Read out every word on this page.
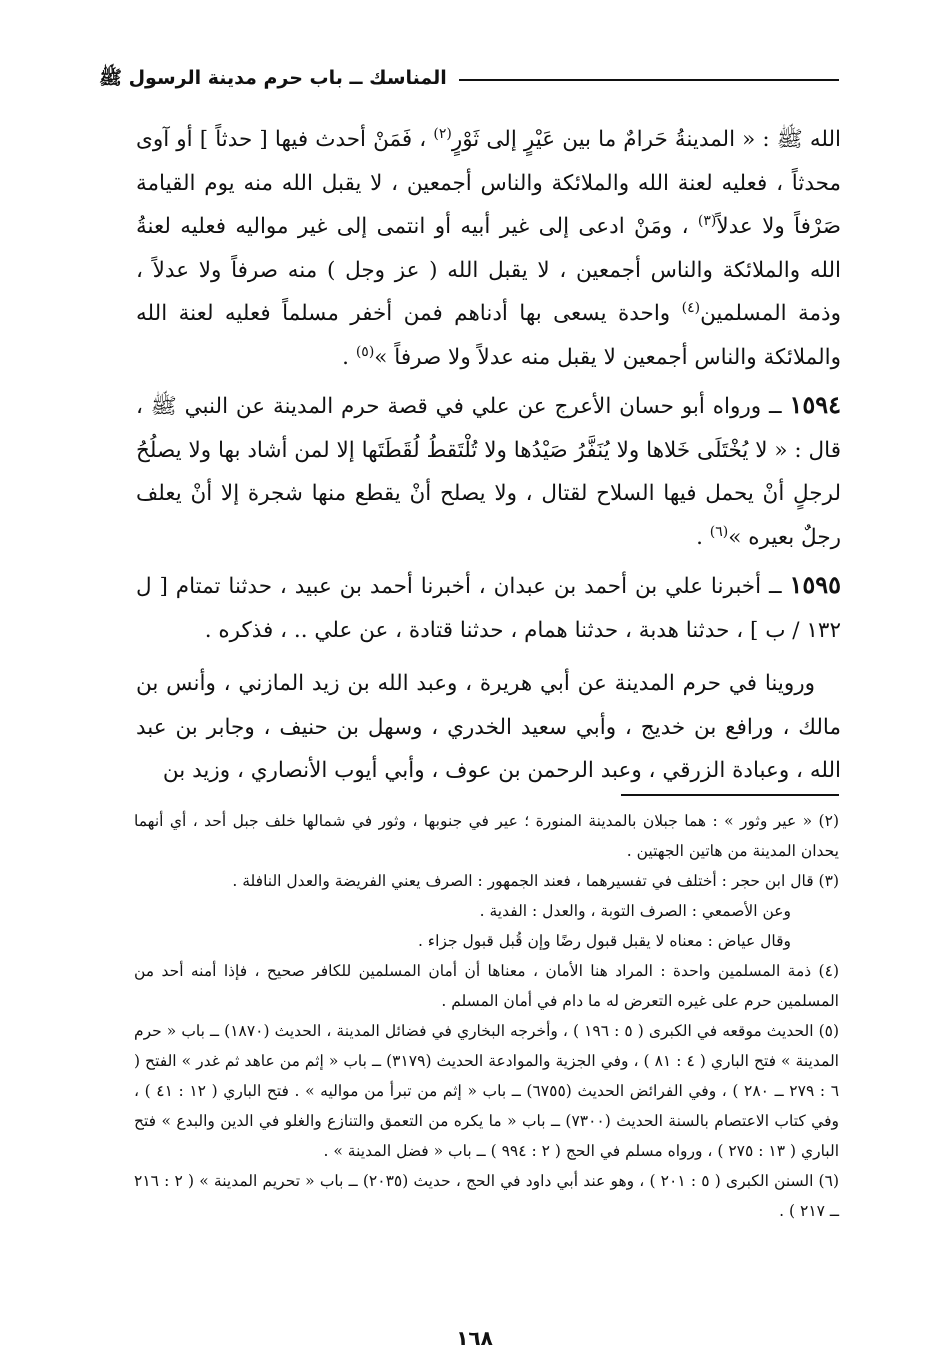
المناسك ــ باب حرم مدينة الرسول ﷺ

الله ﷺ : « المدينةُ حَرامٌ ما بين عَيْرٍ إلى ثَوْرٍ$^{(٢)}$ ، فَمَنْ أحدث فيها [ حدثاً ] أو آوى محدثاً ، فعليه لعنة الله والملائكة والناس أجمعين ، لا يقبل الله منه يوم القيامة صَرْفاً ولا عدلاً$^{(٣)}$ ، ومَنْ ادعى إلى غير أبيه أو انتمى إلى غير مواليه فعليه لعنةُ الله والملائكة والناس أجمعين ، لا يقبل الله ( عز وجل ) منه صرفاً ولا عدلاً ، وذمة المسلمين$^{(٤)}$ واحدة يسعى بها أدناهم فمن أخفر مسلماً فعليه لعنة الله والملائكة والناس أجمعين لا يقبل منه عدلاً ولا صرفاً »$^{(٥)}$ .

١٥٩٤ ــ ورواه أبو حسان الأعرج عن علي في قصة حرم المدينة عن النبي ﷺ ، قال : « لا يُخْتَلَى خَلاها ولا يُنَفَّرُ صَيْدُها ولا تُلْتَقطُ لُقَطَتَها إلا لمن أشاد بها ولا يصلُحُ لرجلٍ أنْ يحمل فيها السلاح لقتال ، ولا يصلح أنْ يقطع منها شجرة إلا أنْ يعلف رجلٌ بعيره »$^{(٦)}$ .

١٥٩٥ ــ أخبرنا علي بن أحمد بن عبدان ، أخبرنا أحمد بن عبيد ، حدثنا تمتام [ ل ١٣٢ / ب ] ، حدثنا هدبة ، حدثنا همام ، حدثنا قتادة ، عن علي .. ، فذكره .

وروينا في حرم المدينة عن أبي هريرة ، وعبد الله بن زيد المازني ، وأنس بن مالك ، ورافع بن خديج ، وأبي سعيد الخدري ، وسهل بن حنيف ، وجابر بن عبد الله ، وعبادة الزرقي ، وعبد الرحمن بن عوف ، وأبي أيوب الأنصاري ، وزيد بن

(٢) « عير وثور » : هما جبلان بالمدينة المنورة ؛ عير في جنوبها ، وثور في شمالها خلف جبل أحد ، أي أنهما يحدان المدينة من هاتين الجهتين .

(٣) قال ابن حجر : أختلف في تفسيرهما ، فعند الجمهور : الصرف يعني الفريضة والعدل النافلة .

وعن الأصمعي : الصرف التوبة ، والعدل : الفدية .

وقال عياض : معناه لا يقبل قبول رضًا وإن قُبل قبول جزاء .

(٤) ذمة المسلمين واحدة : المراد هنا الأمان ، معناها أن أمان المسلمين للكافر صحيح ، فإذا أمنه أحد من المسلمين حرم على غيره التعرض له ما دام في أمان المسلم .

(٥) الحديث موقعه في الكبرى ( ٥ : ١٩٦ ) ، وأخرجه البخاري في فضائل المدينة ، الحديث (١٨٧٠) ــ باب « حرم المدينة » فتح الباري ( ٤ : ٨١ ) ، وفي الجزية والموادعة الحديث (٣١٧٩) ــ باب « إثم من عاهد ثم غدر » الفتح ( ٦ : ٢٧٩ ــ ٢٨٠ ) ، وفي الفرائض الحديث (٦٧٥٥) ــ باب « إثم من تبرأ من مواليه » . فتح الباري ( ١٢ : ٤١ ) ، وفي كتاب الاعتصام بالسنة الحديث (٧٣٠٠) ــ باب « ما يكره من التعمق والتنازع والغلو في الدين والبدع » فتح الباري ( ١٣ : ٢٧٥ ) ، ورواه مسلم في الحج ( ٢ : ٩٩٤ ) ــ باب « فضل المدينة » .

(٦) السنن الكبرى ( ٥ : ٢٠١ ) ، وهو عند أبي داود في الحج ، حديث (٢٠٣٥) ــ باب « تحريم المدينة » ( ٢ : ٢١٦ ــ ٢١٧ ) .

١٦٨
